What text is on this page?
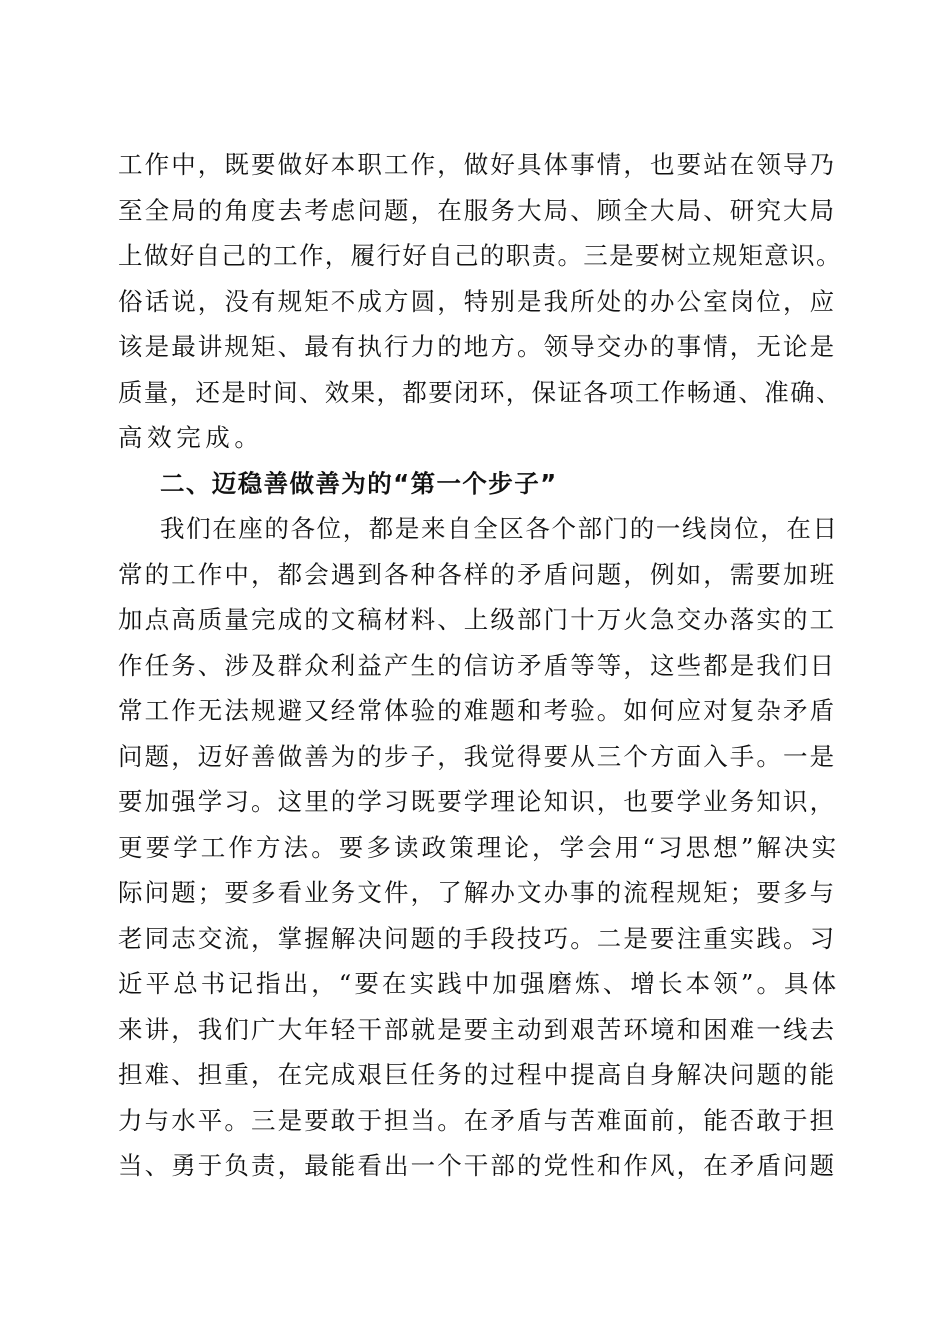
工作中，既要做好本职工作，做好具体事情，也要站在领导乃
至全局的角度去考虑问题，在服务大局、顾全大局、研究大局
上做好自己的工作，履行好自己的职责。三是要树立规矩意识。
俗话说，没有规矩不成方圆，特别是我所处的办公室岗位，应
该是最讲规矩、最有执行力的地方。领导交办的事情，无论是
质量，还是时间、效果，都要闭环，保证各项工作畅通、准确、
高效完成。
二、迈稳善做善为的“第一个步子”
我们在座的各位，都是来自全区各个部门的一线岗位，在日
常的工作中，都会遇到各种各样的矛盾问题，例如，需要加班
加点高质量完成的文稿材料、上级部门十万火急交办落实的工
作任务、涉及群众利益产生的信访矛盾等等，这些都是我们日
常工作无法规避又经常体验的难题和考验。如何应对复杂矛盾
问题，迈好善做善为的步子，我觉得要从三个方面入手。一是
要加强学习。这里的学习既要学理论知识，也要学业务知识，
更要学工作方法。要多读政策理论，学会用“习思想”解决实
际问题；要多看业务文件，了解办文办事的流程规矩；要多与
老同志交流，掌握解决问题的手段技巧。二是要注重实践。习
近平总书记指出，“要在实践中加强磨炼、增长本领”。具体
来讲，我们广大年轻干部就是要主动到艰苦环境和困难一线去
担难、担重，在完成艰巨任务的过程中提高自身解决问题的能
力与水平。三是要敢于担当。在矛盾与苦难面前，能否敢于担
当、勇于负责，最能看出一个干部的党性和作风，在矛盾问题
